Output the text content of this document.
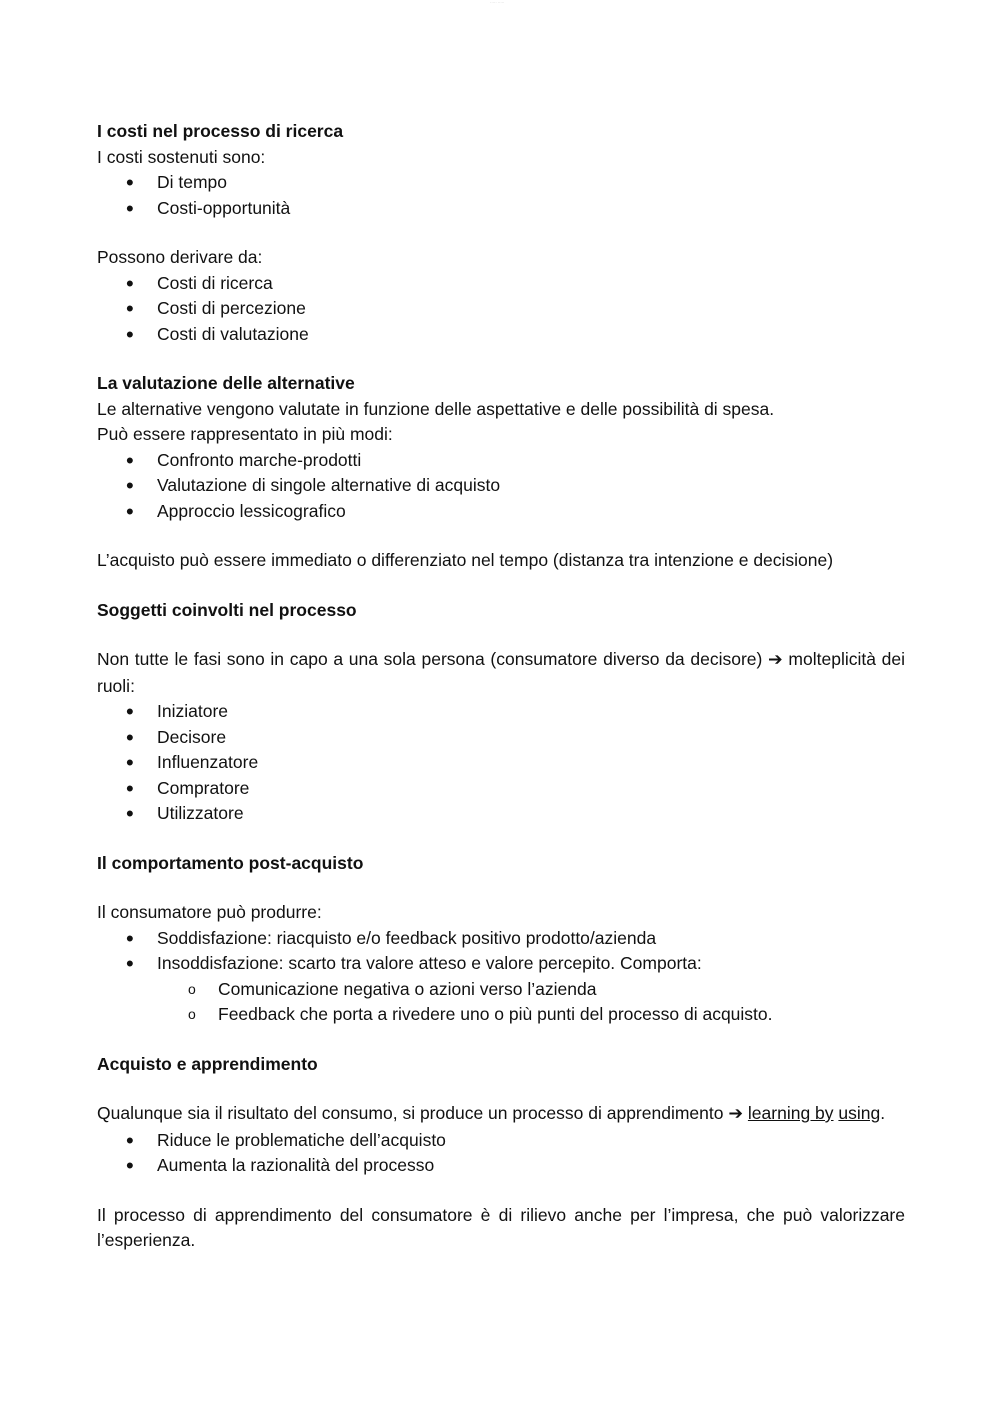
····· ·····

I costi nel processo di ricerca

I costi sostenuti sono:

• Di tempo
• Costi-opportunità

Possono derivare da:

• Costi di ricerca
• Costi di percezione
• Costi di valutazione

La valutazione delle alternative

Le alternative vengono valutate in funzione delle aspettative e delle possibilità di spesa.

Può essere rappresentato in più modi:

• Confronto marche-prodotti
• Valutazione di singole alternative di acquisto
• Approccio lessicografico

L’acquisto può essere immediato o differenziato nel tempo (distanza tra intenzione e decisione)

Soggetti coinvolti nel processo

Non tutte le fasi sono in capo a una sola persona (consumatore diverso da decisore) ➔ molteplicità dei ruoli:

• Iniziatore
• Decisore
• Influenzatore
• Compratore
• Utilizzatore

Il comportamento post-acquisto

Il consumatore può produrre:

• Soddisfazione: riacquisto e/o feedback positivo prodotto/azienda
• Insoddisfazione: scarto tra valore atteso e valore percepito. Comporta:
o Comunicazione negativa o azioni verso l’azienda
o Feedback che porta a rivedere uno o più punti del processo di acquisto.

Acquisto e apprendimento

Qualunque sia il risultato del consumo, si produce un processo di apprendimento ➔ learning by using.

• Riduce le problematiche dell’acquisto
• Aumenta la razionalità del processo

Il processo di apprendimento del consumatore è di rilievo anche per l’impresa, che può valorizzare l’esperienza.
